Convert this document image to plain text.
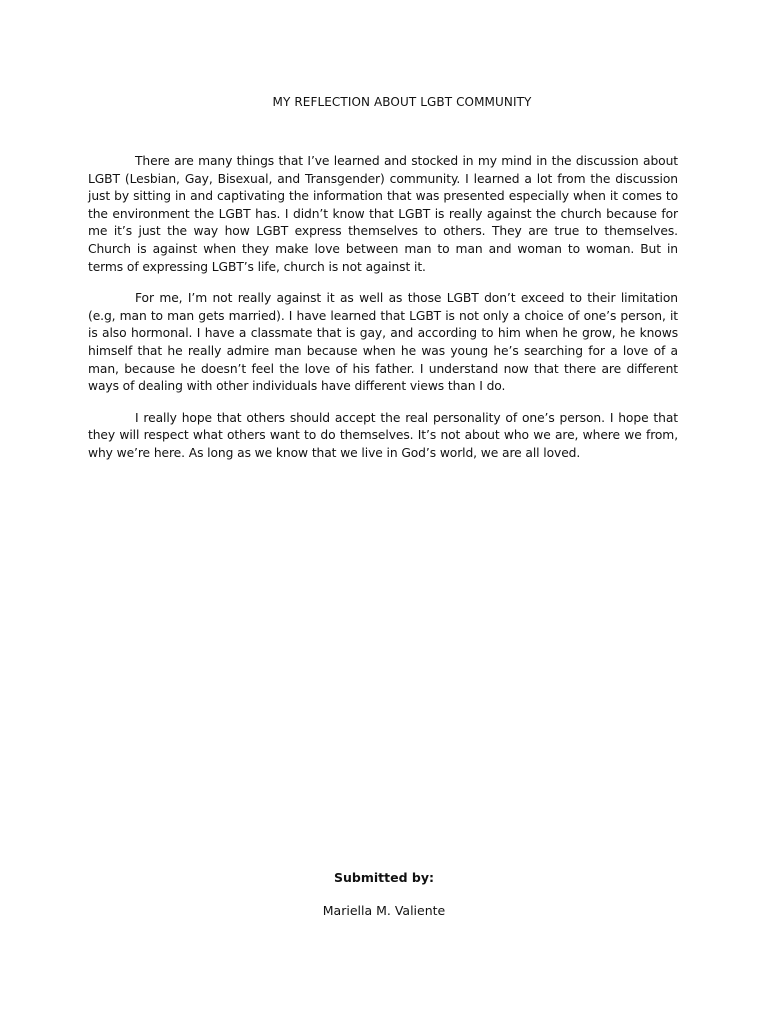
MY REFLECTION ABOUT LGBT COMMUNITY

There are many things that I’ve learned and stocked in my mind in the discussion about LGBT (Lesbian, Gay, Bisexual, and Transgender) community. I learned a lot from the discussion just by sitting in and captivating the information that was presented especially when it comes to the environment the LGBT has. I didn’t know that LGBT is really against the church because for me it’s just the way how LGBT express themselves to others. They are true to themselves. Church is against when they make love between man to man and woman to woman. But in terms of expressing LGBT’s life, church is not against it.

For me, I’m not really against it as well as those LGBT don’t exceed to their limitation (e.g, man to man gets married). I have learned that LGBT is not only a choice of one’s person, it is also hormonal. I have a classmate that is gay, and according to him when he grow, he knows himself that he really admire man because when he was young he’s searching for a love of a man, because he doesn’t feel the love of his father. I understand now that there are different ways of dealing with other individuals have different views than I do.

I really hope that others should accept the real personality of one’s person. I hope that they will respect what others want to do themselves. It’s not about who we are, where we from, why we’re here. As long as we know that we live in God’s world, we are all loved.

Submitted by:
Mariella M. Valiente
